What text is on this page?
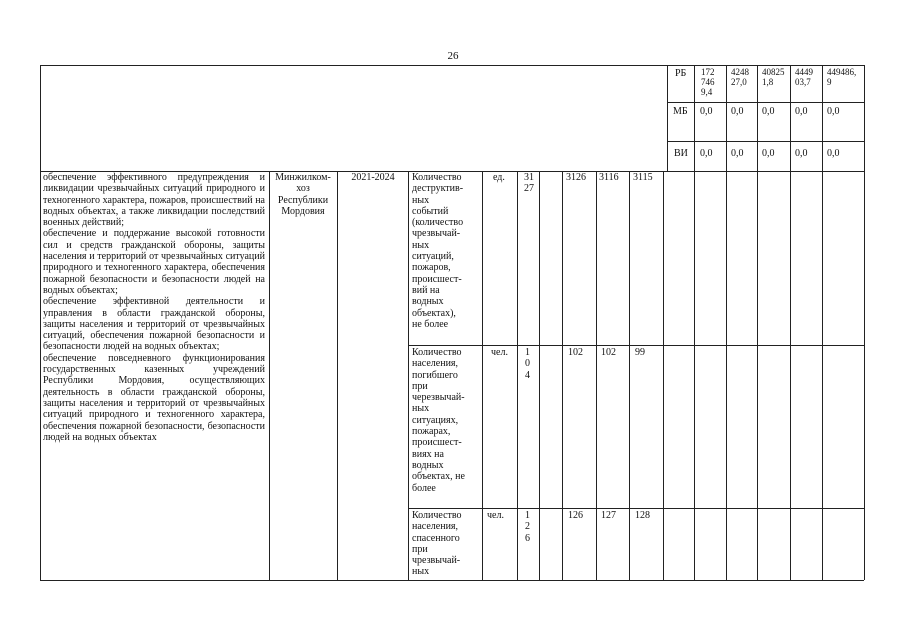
26
РБ 172
746
9,4
4248
27,0
40825
1,8
4449
03,7
449486,
9
МБ 0,0 0,0 0,0 0,0 0,0
ВИ 0,0 0,0 0,0 0,0 0,0
обеспечение эффективного предупреждения и ликвидации чрезвычайных ситуаций природного и техногенного характера, пожаров, происшествий на водных объектах, а также ликвидации последствий военных действий;
обеспечение и поддержание высокой готовности сил и средств гражданской обороны, защиты населения и территорий от чрезвычайных ситуаций природного и техногенного характера, обеспечения пожарной безопасности и безопасности людей на водных объектах;
обеспечение эффективной деятельности и управления в области гражданской обороны, защиты населения и территорий от чрезвычайных ситуаций, обеспечения пожарной безопасности и безопасности людей на водных объектах;
обеспечение повседневного функционирования государственных казенных учреждений Республики Мордовия, осуществляющих деятельность в области гражданской обороны, защиты населения и территорий от чрезвычайных ситуаций природного и техногенного характера, обеспечения пожарной безопасности, безопасности людей на водных объектах
Минжилком-
хоз
Республики
Мордовия
2021-2024	Количество
деструктив-
ных
событий
(количество
чрезвычай-
ных
ситуаций,
пожаров,
происшест-
вий на
водных
объектах),
не более
ед. 31
27
3126 3116 3115
Количество
населения,
погибшего
при
черезвычай-
ных
ситуациях,
пожарах,
происшест-
виях на
водных
объектах, не
более
чел. 1
0
4
102 102 99
Количество
населения,
спасенного
при
чрезвычай-
ных
чел. 1
2
6
126 127 128
